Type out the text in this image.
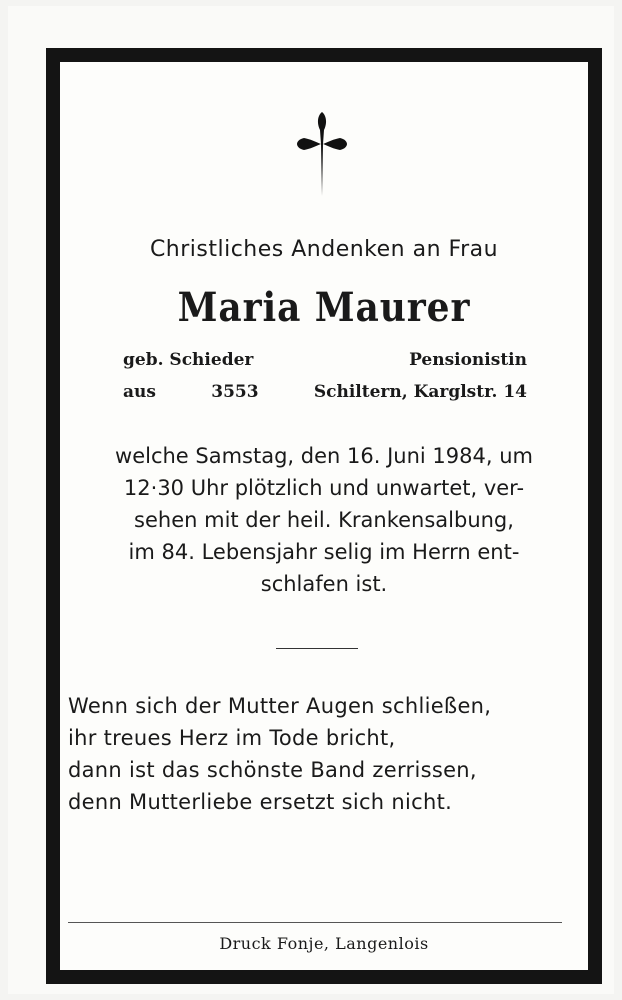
Christliches Andenken an Frau

Maria Maurer

geb. Schieder	Pensionistin
aus	3553	Schiltern, Karglstr. 14

welche Samstag, den 16. Juni 1984, um

12·30 Uhr plötzlich und unwartet, ver-

sehen mit der heil. Krankensalbung,

im 84. Lebensjahr selig im Herrn ent-

schlafen ist.

Wenn sich der Mutter Augen schließen,

ihr treues Herz im Tode bricht,

dann ist das schönste Band zerrissen,

denn Mutterliebe ersetzt sich nicht.

Druck Fonje, Langenlois
